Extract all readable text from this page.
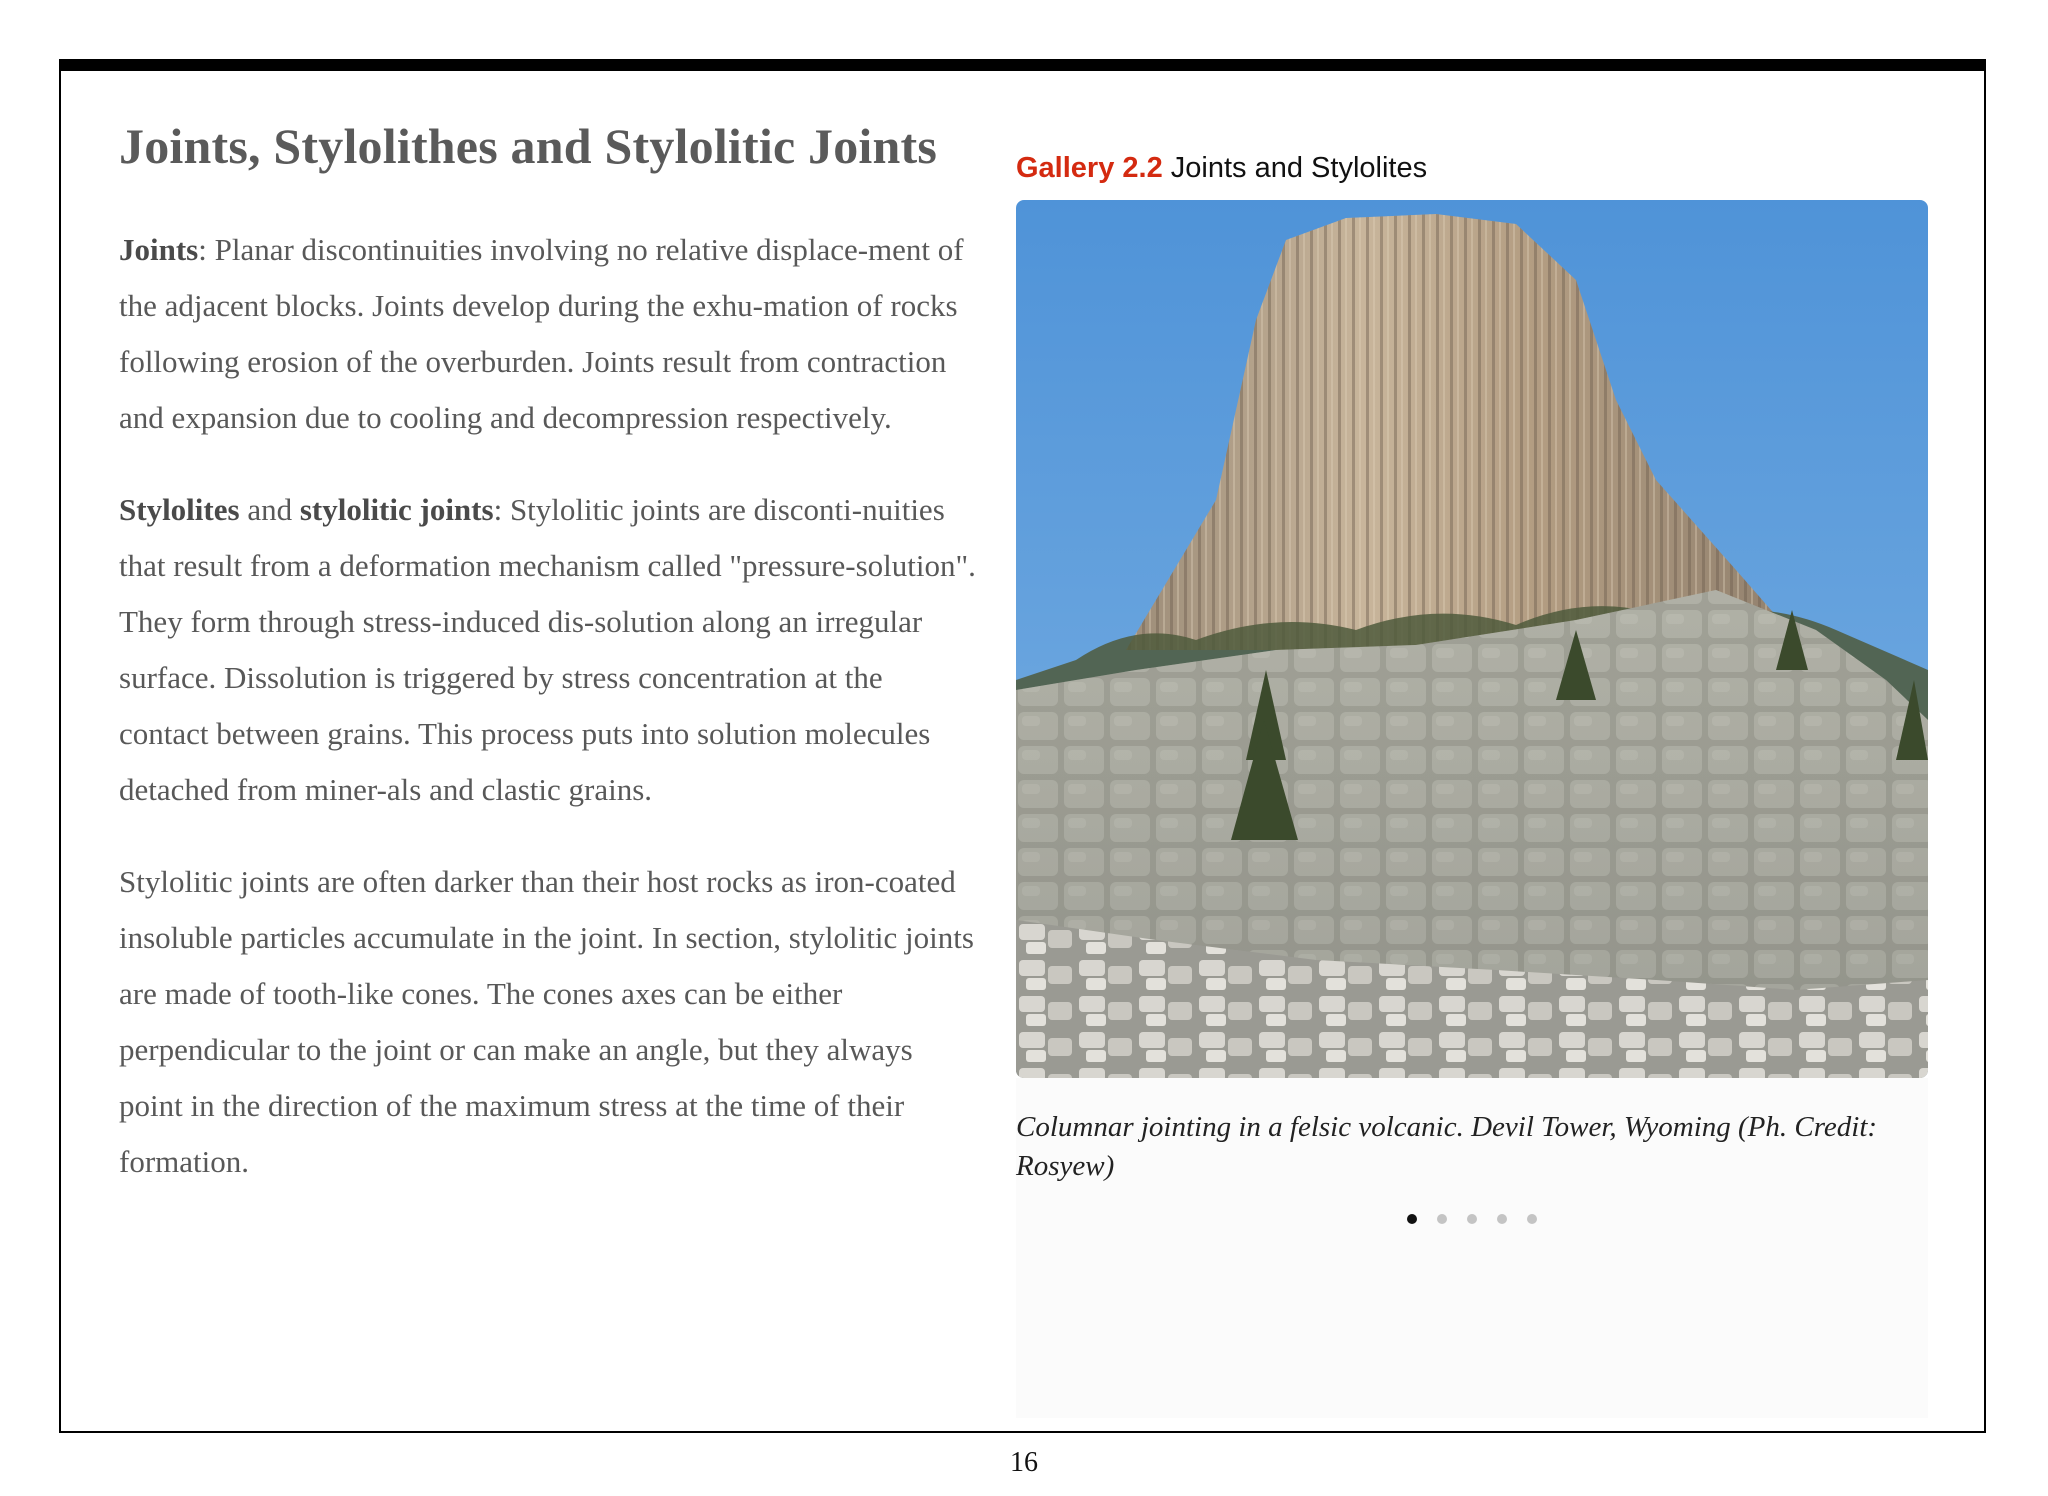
Joints, Stylolithes and Stylolitic Joints

Joints: Planar discontinuities involving no relative displace-ment of the adjacent blocks. Joints develop during the exhu-mation of rocks following erosion of the overburden. Joints result from contraction and expansion due to cooling and decompression respectively.

Stylolites and stylolitic joints: Stylolitic joints are disconti-nuities that result from a deformation mechanism called "pressure-solution". They form through stress-induced dis-solution along an irregular surface. Dissolution is triggered by stress concentration at the contact between grains. This process puts into solution molecules detached from miner-als and clastic grains.

Stylolitic joints are often darker than their host rocks as iron-coated insoluble particles accumulate in the joint. In section, stylolitic joints are made of tooth-like cones. The cones axes can be either perpendicular to the joint or can make an angle, but they always point in the direction of the maximum stress at the time of their formation.

Gallery 2.2 Joints and Stylolites

Columnar jointing in a felsic volcanic. Devil Tower, Wyoming (Ph. Credit: Rosyew)

16
